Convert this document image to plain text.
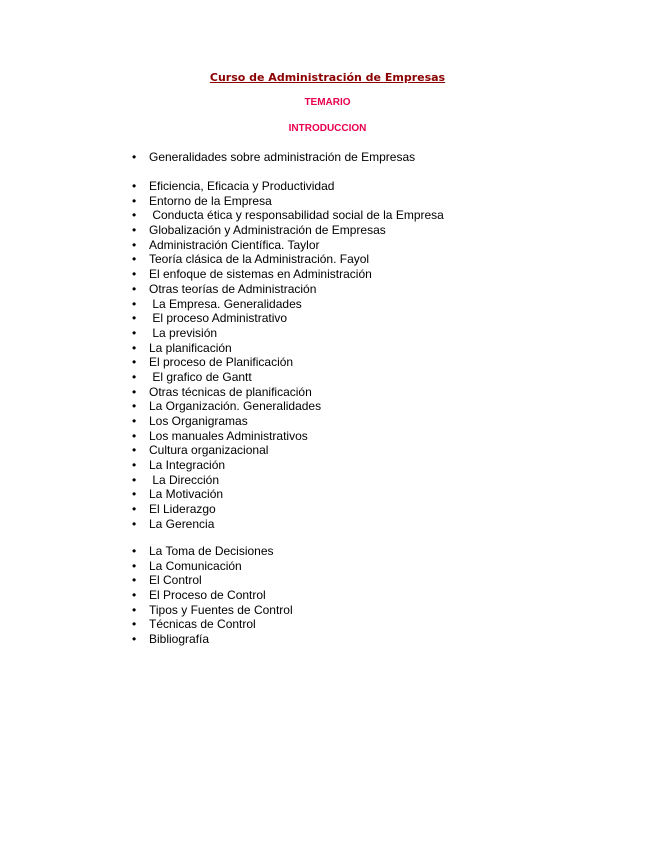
Curso de Administración de Empresas
TEMARIO
INTRODUCCION
• Generalidades sobre administración de Empresas
• Eficiencia, Eficacia y Productividad
• Entorno de la Empresa
•  Conducta ética y responsabilidad social de la Empresa
• Globalización y Administración de Empresas
• Administración Científica. Taylor
• Teoría clásica de la Administración. Fayol
• El enfoque de sistemas en Administración
• Otras teorías de Administración
•  La Empresa. Generalidades
•  El proceso Administrativo
•  La previsión
• La planificación
• El proceso de Planificación
•  El grafico de Gantt
• Otras técnicas de planificación
• La Organización. Generalidades
• Los Organigramas
• Los manuales Administrativos
• Cultura organizacional
• La Integración
•  La Dirección
• La Motivación
• El Liderazgo
• La Gerencia
• La Toma de Decisiones
• La Comunicación
• El Control
• El Proceso de Control
• Tipos y Fuentes de Control
• Técnicas de Control
• Bibliografía
